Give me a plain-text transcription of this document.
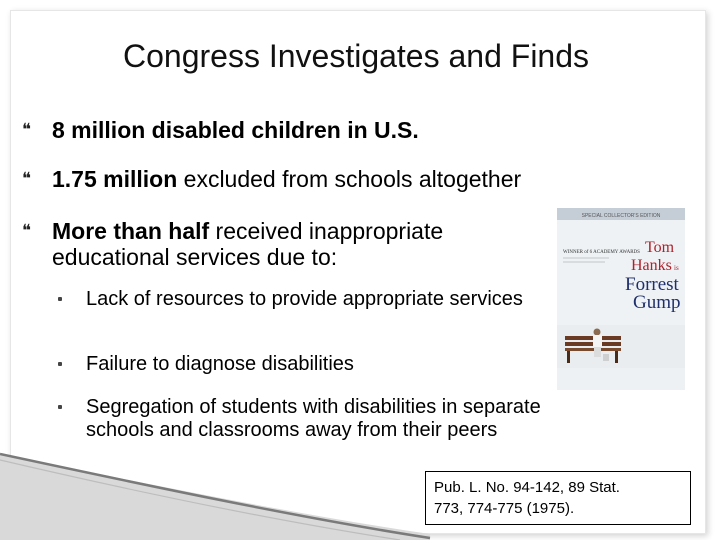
Congress Investigates and Finds
❝ 8 million disabled children in U.S.
❝ 1.75 million excluded from schools altogether
❝ More than half received inappropriate educational services due to:
Lack of resources to provide appropriate services
Failure to diagnose disabilities
Segregation of students with disabilities in separate schools and classrooms away from their peers
SPECIAL COLLECTOR'S EDITION
WINNER of 6 ACADEMY AWARDS Tom
Hanks is
Forrest
Gump
Pub. L. No. 94-142, 89 Stat.
773, 774-775 (1975).
